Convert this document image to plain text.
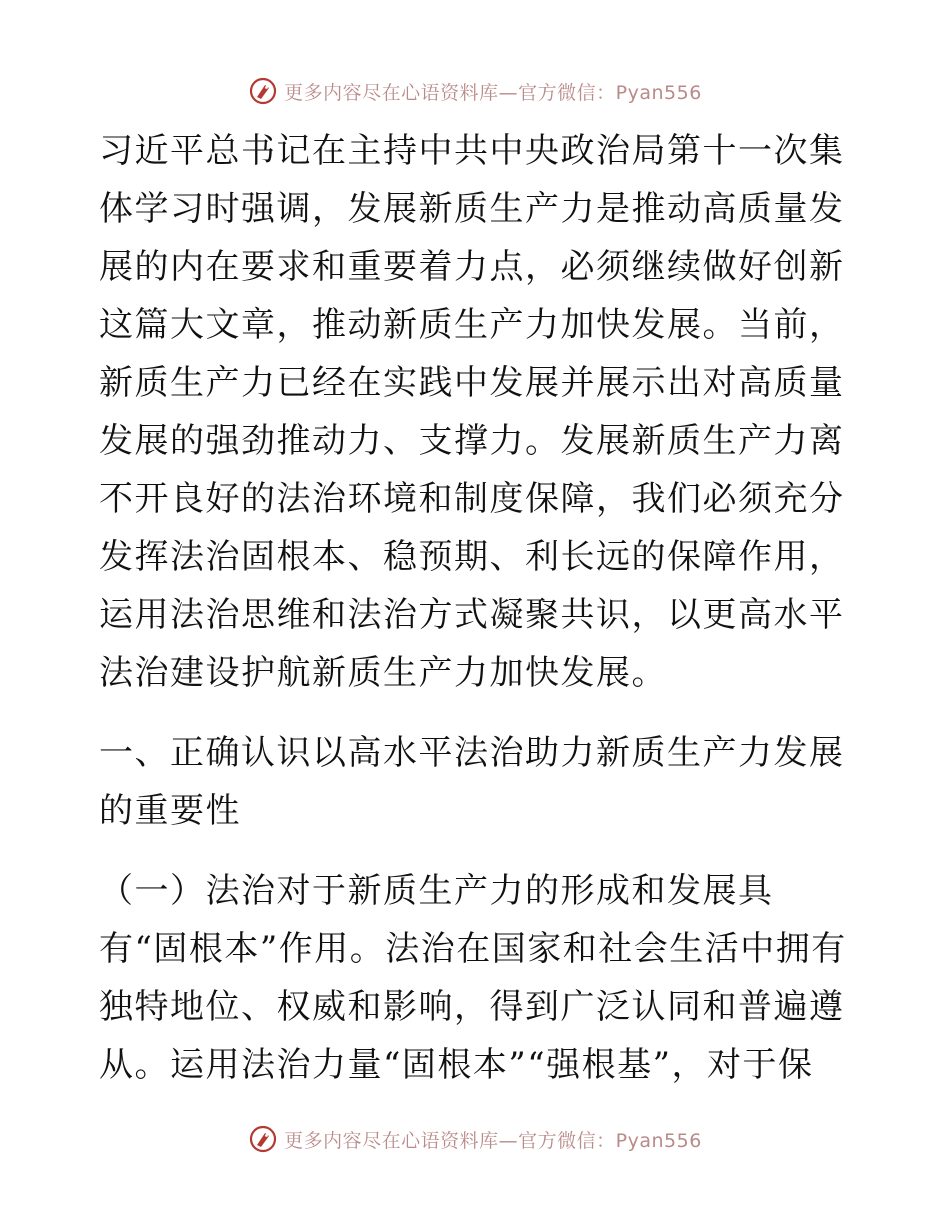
更多内容尽在心语资料库—官方微信：Pyan556

习近平总书记在主持中共中央政治局第十一次集体学习时强调，发展新质生产力是推动高质量发展的内在要求和重要着力点，必须继续做好创新这篇大文章，推动新质生产力加快发展。当前，新质生产力已经在实践中发展并展示出对高质量发展的强劲推动力、支撑力。发展新质生产力离不开良好的法治环境和制度保障，我们必须充分发挥法治固根本、稳预期、利长远的保障作用，运用法治思维和法治方式凝聚共识，以更高水平法治建设护航新质生产力加快发展。

一、正确认识以高水平法治助力新质生产力发展的重要性

（一）法治对于新质生产力的形成和发展具有“固根本”作用。法治在国家和社会生活中拥有独特地位、权威和影响，得到广泛认同和普遍遵从。运用法治力量“固根本”“强根基”，对于保

更多内容尽在心语资料库—官方微信：Pyan556
